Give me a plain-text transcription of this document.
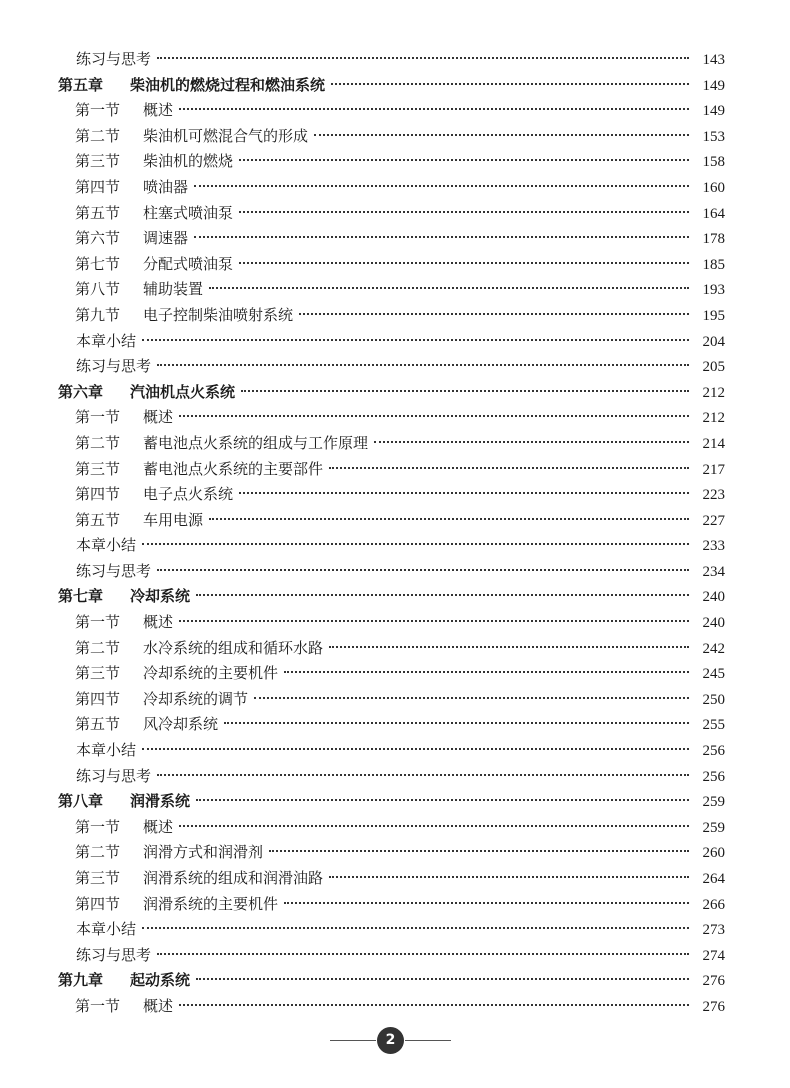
练习与思考	143
第五章	柴油机的燃烧过程和燃油系统	149
第一节	概述	149
第二节	柴油机可燃混合气的形成	153
第三节	柴油机的燃烧	158
第四节	喷油器	160
第五节	柱塞式喷油泵	164
第六节	调速器	178
第七节	分配式喷油泵	185
第八节	辅助装置	193
第九节	电子控制柴油喷射系统	195
本章小结	204
练习与思考	205
第六章	汽油机点火系统	212
第一节	概述	212
第二节	蓄电池点火系统的组成与工作原理	214
第三节	蓄电池点火系统的主要部件	217
第四节	电子点火系统	223
第五节	车用电源	227
本章小结	233
练习与思考	234
第七章	冷却系统	240
第一节	概述	240
第二节	水冷系统的组成和循环水路	242
第三节	冷却系统的主要机件	245
第四节	冷却系统的调节	250
第五节	风冷却系统	255
本章小结	256
练习与思考	256
第八章	润滑系统	259
第一节	概述	259
第二节	润滑方式和润滑剂	260
第三节	润滑系统的组成和润滑油路	264
第四节	润滑系统的主要机件	266
本章小结	273
练习与思考	274
第九章	起动系统	276
第一节	概述	276
2
